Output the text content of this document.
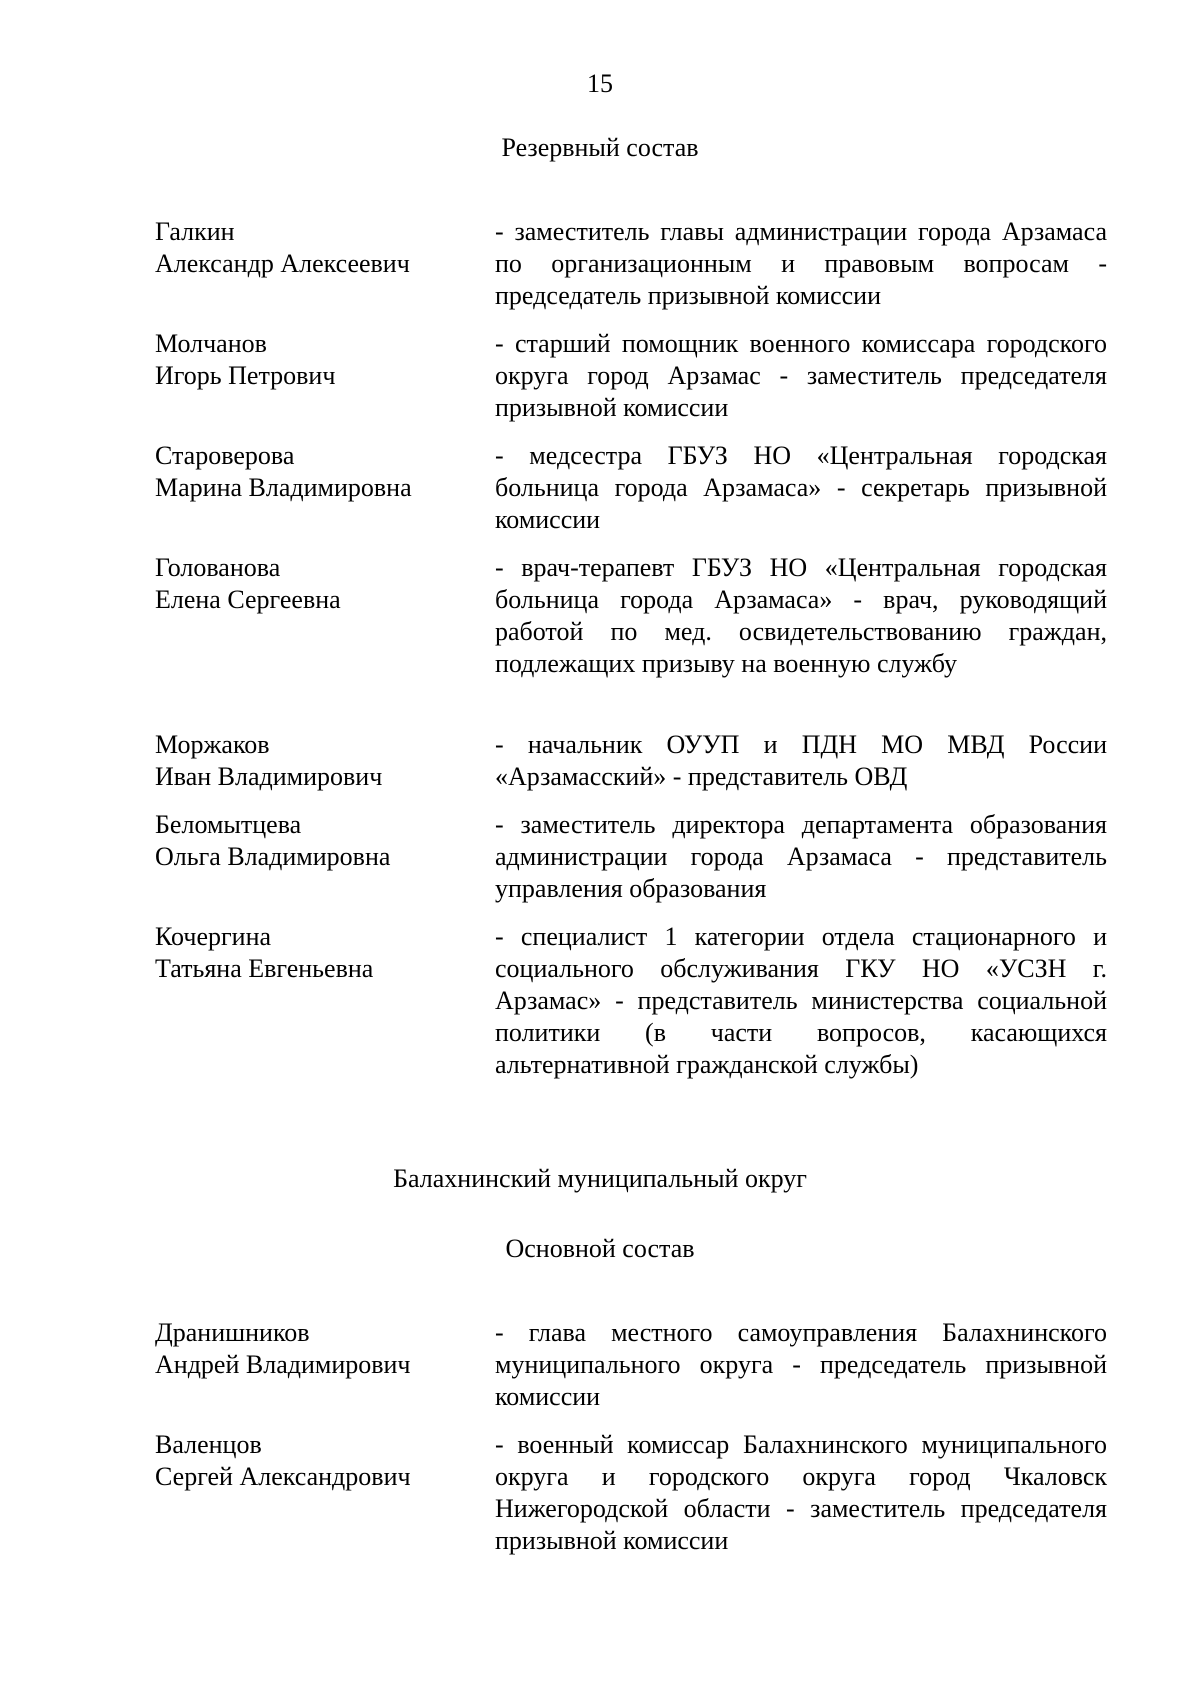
15
Резервный состав
Галкин
Александр Алексеевич
- заместитель главы администрации города Арзамаса по организационным и правовым вопросам - председатель призывной комиссии
Молчанов
Игорь Петрович
- старший помощник военного комиссара городского округа город Арзамас - заместитель председателя призывной комиссии
Староверова
Марина Владимировна
- медсестра ГБУЗ НО «Центральная городская больница города Арзамаса» - секретарь призывной комиссии
Голованова
Елена Сергеевна
- врач-терапевт ГБУЗ НО «Центральная городская больница города Арзамаса» - врач, руководящий работой по мед. освидетельствованию граждан, подлежащих призыву на военную службу
Моржаков
Иван Владимирович
- начальник ОУУП и ПДН МО МВД России «Арзамасский» - представитель ОВД
Беломытцева
Ольга Владимировна
- заместитель директора департамента образования администрации города Арзамаса - представитель управления образования
Кочергина
Татьяна Евгеньевна
- специалист 1 категории отдела стационарного и социального обслуживания ГКУ НО «УСЗН г. Арзамас» - представитель министерства социальной политики (в части вопросов, касающихся альтернативной гражданской службы)
Балахнинский муниципальный округ
Основной состав
Дранишников
Андрей Владимирович
- глава местного самоуправления Балахнинского муниципального округа - председатель призывной комиссии
Валенцов
Сергей Александрович
- военный комиссар Балахнинского муниципального округа и городского округа город Чкаловск Нижегородской области - заместитель председателя призывной комиссии
